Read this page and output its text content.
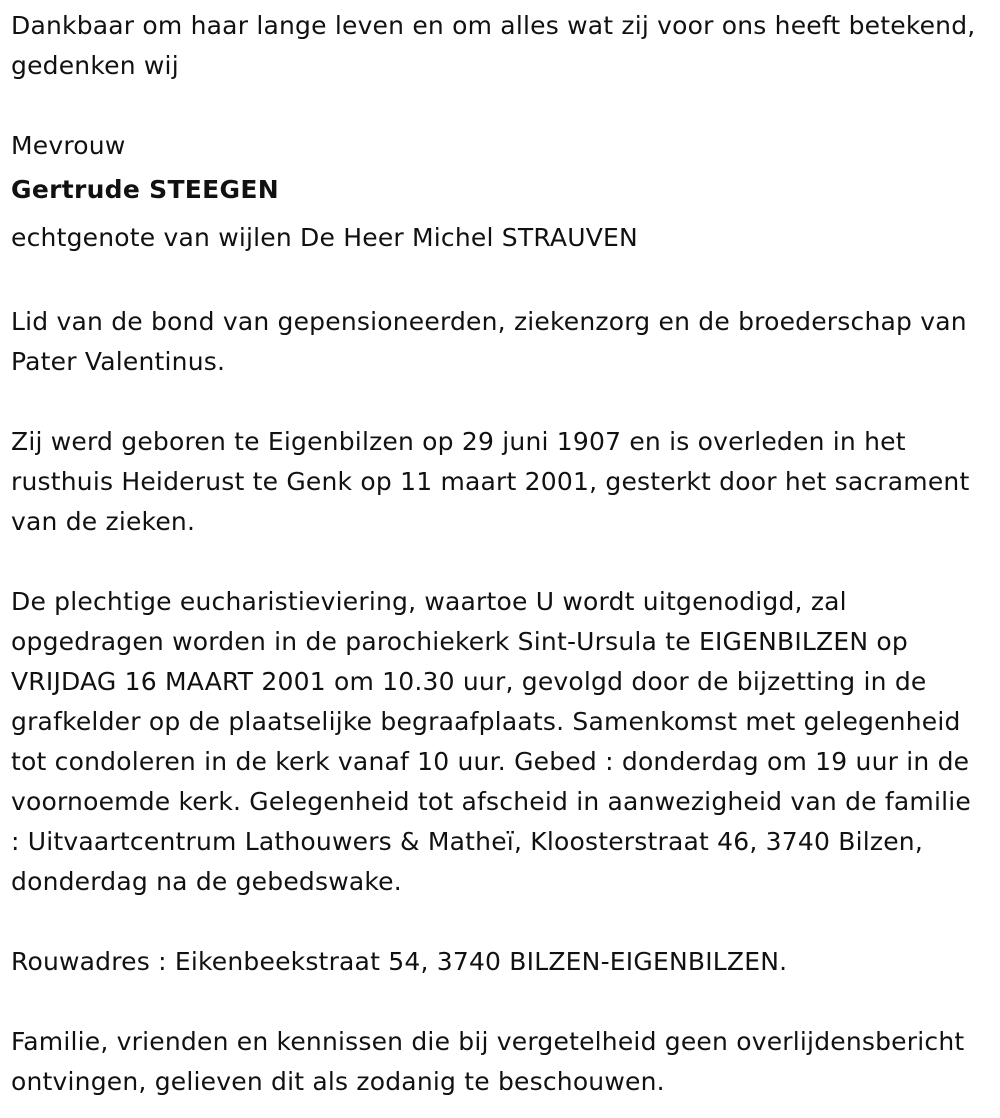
Dankbaar om haar lange leven en om alles wat zij voor ons heeft betekend, gedenken wij

Mevrouw

Gertrude STEEGEN

echtgenote van wijlen De Heer Michel STRAUVEN

Lid van de bond van gepensioneerden, ziekenzorg en de broederschap van Pater Valentinus.

Zij werd geboren te Eigenbilzen op 29 juni 1907 en is overleden in het rusthuis Heiderust te Genk op 11 maart 2001, gesterkt door het sacrament van de zieken.

De plechtige eucharistieviering, waartoe U wordt uitgenodigd, zal opgedragen worden in de parochiekerk Sint-Ursula te EIGENBILZEN op VRIJDAG 16 MAART 2001 om 10.30 uur, gevolgd door de bijzetting in de grafkelder op de plaatselijke begraafplaats. Samenkomst met gelegenheid tot condoleren in de kerk vanaf 10 uur. Gebed : donderdag om 19 uur in de voornoemde kerk. Gelegenheid tot afscheid in aanwezigheid van de familie : Uitvaartcentrum Lathouwers & Matheï, Kloosterstraat 46, 3740 Bilzen, donderdag na de gebedswake.

Rouwadres : Eikenbeekstraat 54, 3740 BILZEN-EIGENBILZEN.

Familie, vrienden en kennissen die bij vergetelheid geen overlijdensbericht ontvingen, gelieven dit als zodanig te beschouwen.
